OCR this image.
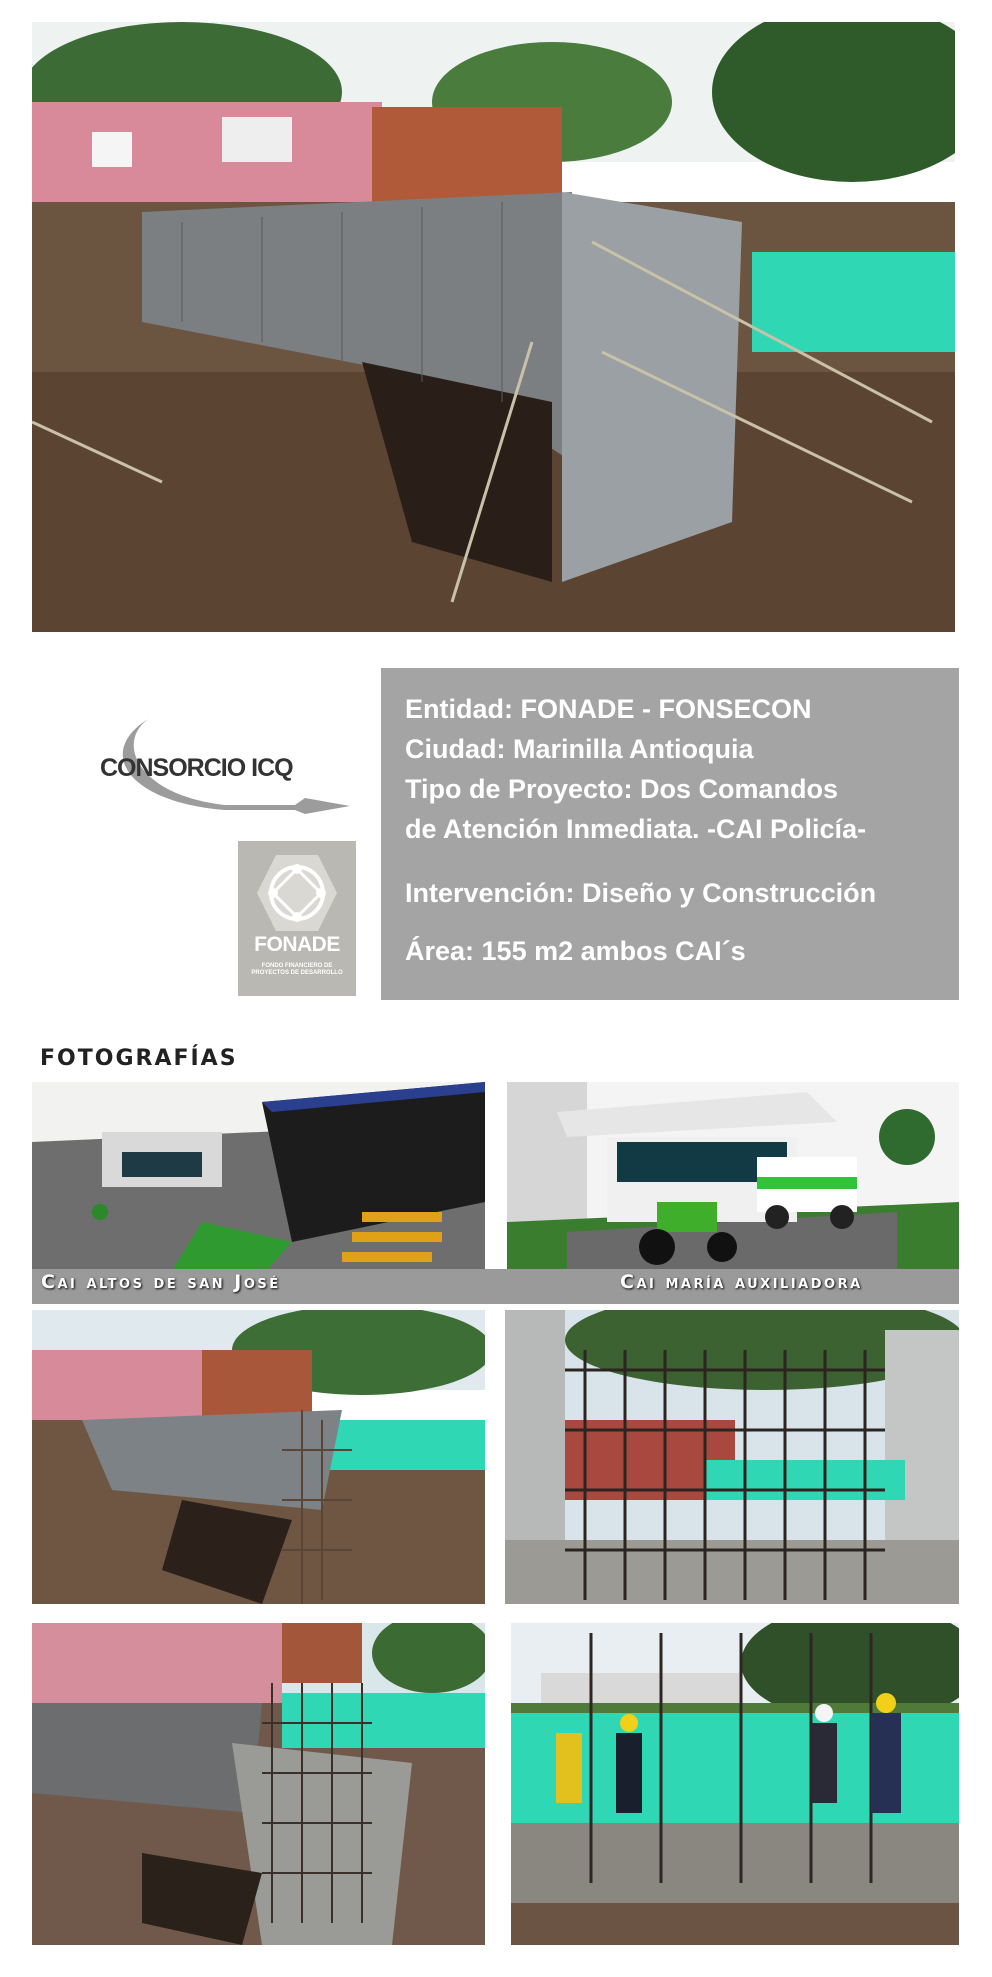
CONSORCIO ICQ
FONADE
FONDO FINANCIERO DE
PROYECTOS DE DESARROLLO
Entidad: FONADE - FONSECON
Ciudad: Marinilla Antioquia
Tipo de Proyecto: Dos Comandos
de Atención Inmediata. -CAI Policía-
Intervención: Diseño y Construcción
Área: 155 m2 ambos CAI´s
FOTOGRAFÍAS
Cai altos de san José	Cai maría auxiliadora
